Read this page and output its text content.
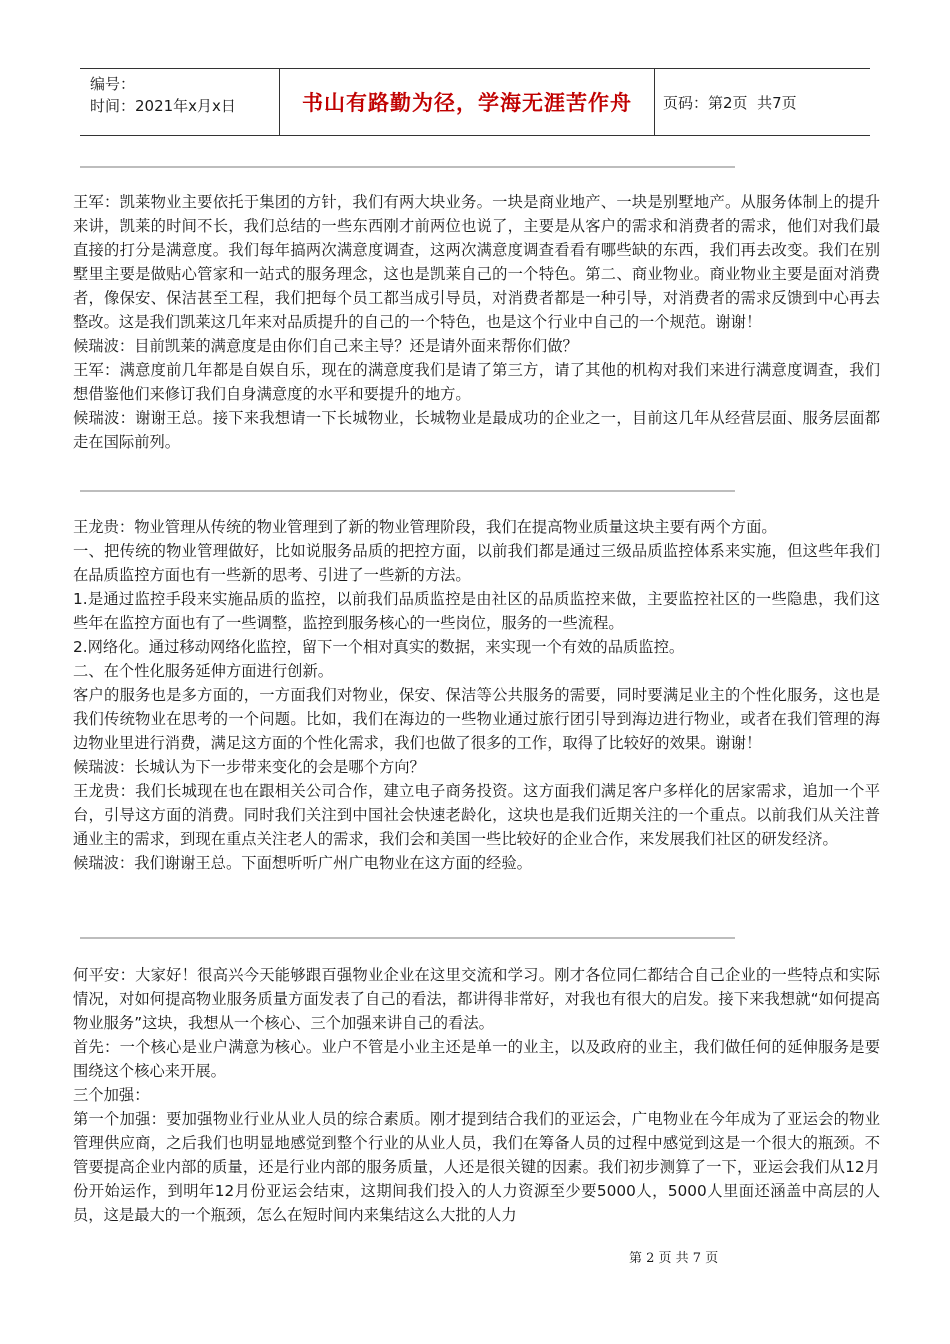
编号：
时间：2021年x月x日	书山有路勤为径，学海无涯苦作舟	页码：第2页  共7页

王军：凯莱物业主要依托于集团的方针，我们有两大块业务。一块是商业地产、一块是别墅地产。从服务体制上的提升来讲，凯莱的时间不长，我们总结的一些东西刚才前两位也说了，主要是从客户的需求和消费者的需求，他们对我们最直接的打分是满意度。我们每年搞两次满意度调查，这两次满意度调查看看有哪些缺的东西，我们再去改变。我们在别墅里主要是做贴心管家和一站式的服务理念，这也是凯莱自己的一个特色。第二、商业物业。商业物业主要是面对消费者，像保安、保洁甚至工程，我们把每个员工都当成引导员，对消费者都是一种引导，对消费者的需求反馈到中心再去整改。这是我们凯莱这几年来对品质提升的自己的一个特色，也是这个行业中自己的一个规范。谢谢！

候瑞波：目前凯莱的满意度是由你们自己来主导？还是请外面来帮你们做？

王军：满意度前几年都是自娱自乐，现在的满意度我们是请了第三方，请了其他的机构对我们来进行满意度调查，我们想借鉴他们来修订我们自身满意度的水平和要提升的地方。

候瑞波：谢谢王总。接下来我想请一下长城物业，长城物业是最成功的企业之一，目前这几年从经营层面、服务层面都走在国际前列。

王龙贵：物业管理从传统的物业管理到了新的物业管理阶段，我们在提高物业质量这块主要有两个方面。

一、把传统的物业管理做好，比如说服务品质的把控方面，以前我们都是通过三级品质监控体系来实施，但这些年我们在品质监控方面也有一些新的思考、引进了一些新的方法。

1.是通过监控手段来实施品质的监控，以前我们品质监控是由社区的品质监控来做，主要监控社区的一些隐患，我们这些年在监控方面也有了一些调整，监控到服务核心的一些岗位，服务的一些流程。

2.网络化。通过移动网络化监控，留下一个相对真实的数据，来实现一个有效的品质监控。

二、在个性化服务延伸方面进行创新。

客户的服务也是多方面的，一方面我们对物业，保安、保洁等公共服务的需要，同时要满足业主的个性化服务，这也是我们传统物业在思考的一个问题。比如，我们在海边的一些物业通过旅行团引导到海边进行物业，或者在我们管理的海边物业里进行消费，满足这方面的个性化需求，我们也做了很多的工作，取得了比较好的效果。谢谢！

候瑞波：长城认为下一步带来变化的会是哪个方向？

王龙贵：我们长城现在也在跟相关公司合作，建立电子商务投资。这方面我们满足客户多样化的居家需求，追加一个平台，引导这方面的消费。同时我们关注到中国社会快速老龄化，这块也是我们近期关注的一个重点。以前我们从关注普通业主的需求，到现在重点关注老人的需求，我们会和美国一些比较好的企业合作，来发展我们社区的研发经济。

候瑞波：我们谢谢王总。下面想听听广州广电物业在这方面的经验。

何平安：大家好！很高兴今天能够跟百强物业企业在这里交流和学习。刚才各位同仁都结合自己企业的一些特点和实际情况，对如何提高物业服务质量方面发表了自己的看法，都讲得非常好，对我也有很大的启发。接下来我想就“如何提高物业服务”这块，我想从一个核心、三个加强来讲自己的看法。

首先：一个核心是业户满意为核心。业户不管是小业主还是单一的业主，以及政府的业主，我们做任何的延伸服务是要围绕这个核心来开展。

三个加强：

第一个加强：要加强物业行业从业人员的综合素质。刚才提到结合我们的亚运会，广电物业在今年成为了亚运会的物业管理供应商，之后我们也明显地感觉到整个行业的从业人员，我们在筹备人员的过程中感觉到这是一个很大的瓶颈。不管要提高企业内部的质量，还是行业内部的服务质量，人还是很关键的因素。我们初步测算了一下，亚运会我们从12月份开始运作，到明年12月份亚运会结束，这期间我们投入的人力资源至少要5000人，5000人里面还涵盖中高层的人员，这是最大的一个瓶颈，怎么在短时间内来集结这么大批的人力

第 2 页 共 7 页
